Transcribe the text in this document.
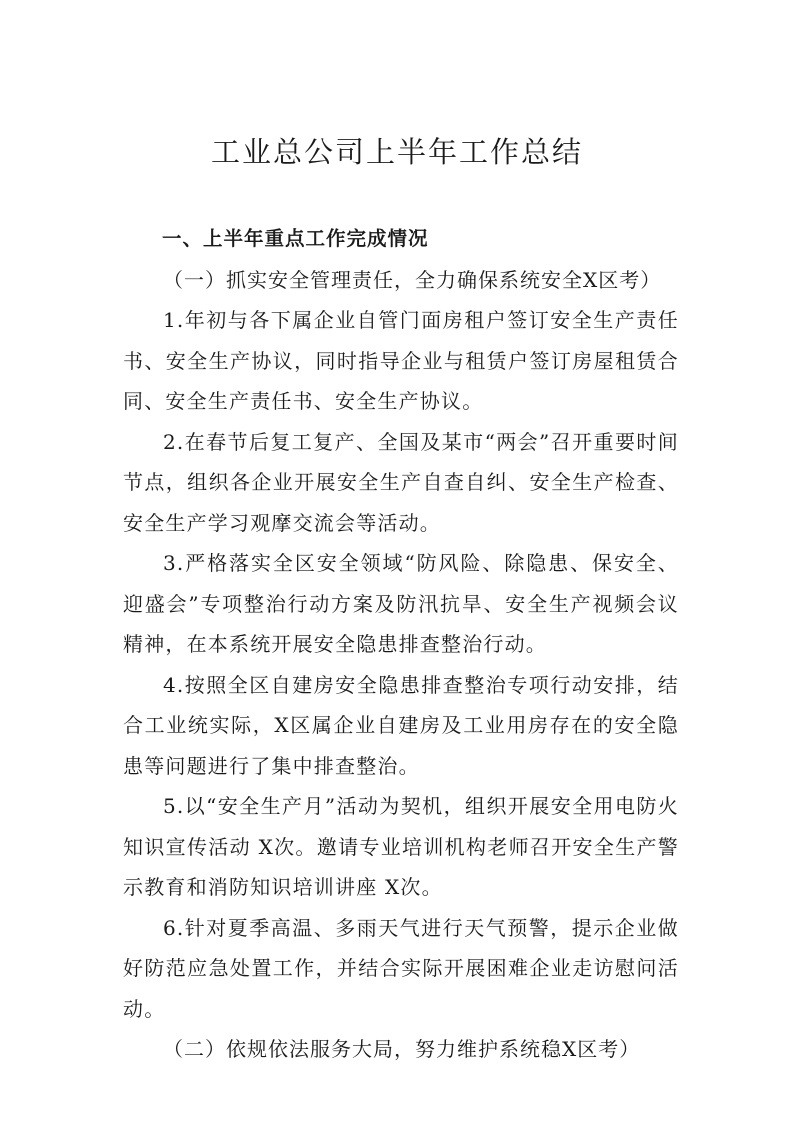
工业总公司上半年工作总结

一、上半年重点工作完成情况

（一）抓实安全管理责任，全力确保系统安全X区考）

1.年初与各下属企业自管门面房租户签订安全生产责任书、安全生产协议，同时指导企业与租赁户签订房屋租赁合同、安全生产责任书、安全生产协议。

2.在春节后复工复产、全国及某市“两会”召开重要时间节点，组织各企业开展安全生产自查自纠、安全生产检查、安全生产学习观摩交流会等活动。

3.严格落实全区安全领域“防风险、除隐患、保安全、迎盛会”专项整治行动方案及防汛抗旱、安全生产视频会议精神，在本系统开展安全隐患排查整治行动。

4.按照全区自建房安全隐患排查整治专项行动安排，结合工业统实际，X区属企业自建房及工业用房存在的安全隐患等问题进行了集中排查整治。

5.以“安全生产月”活动为契机，组织开展安全用电防火知识宣传活动 X次。邀请专业培训机构老师召开安全生产警示教育和消防知识培训讲座 X次。

6.针对夏季高温、多雨天气进行天气预警，提示企业做好防范应急处置工作，并结合实际开展困难企业走访慰问活动。

（二）依规依法服务大局，努力维护系统稳X区考）
